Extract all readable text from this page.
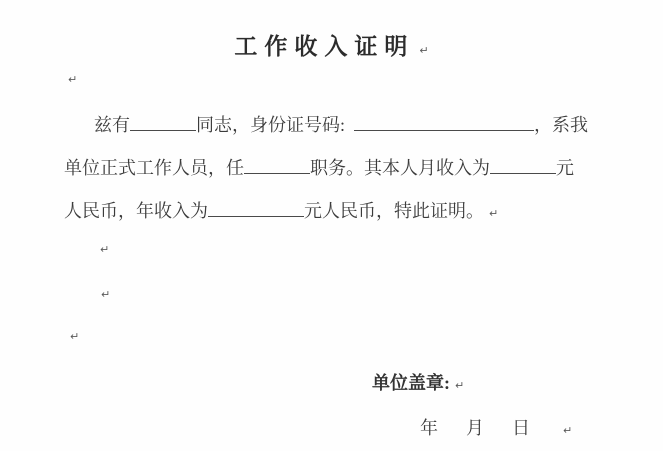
工作收入证明 ↵
↵
兹有	同志，身份证号码:	，系我
单位正式工作人员，任	职务。其本人月收入为	元
人民币，年收入为	元人民币，特此证明。 ↵
↵
↵
↵
单位盖章: ↵
年 月 日	↵
